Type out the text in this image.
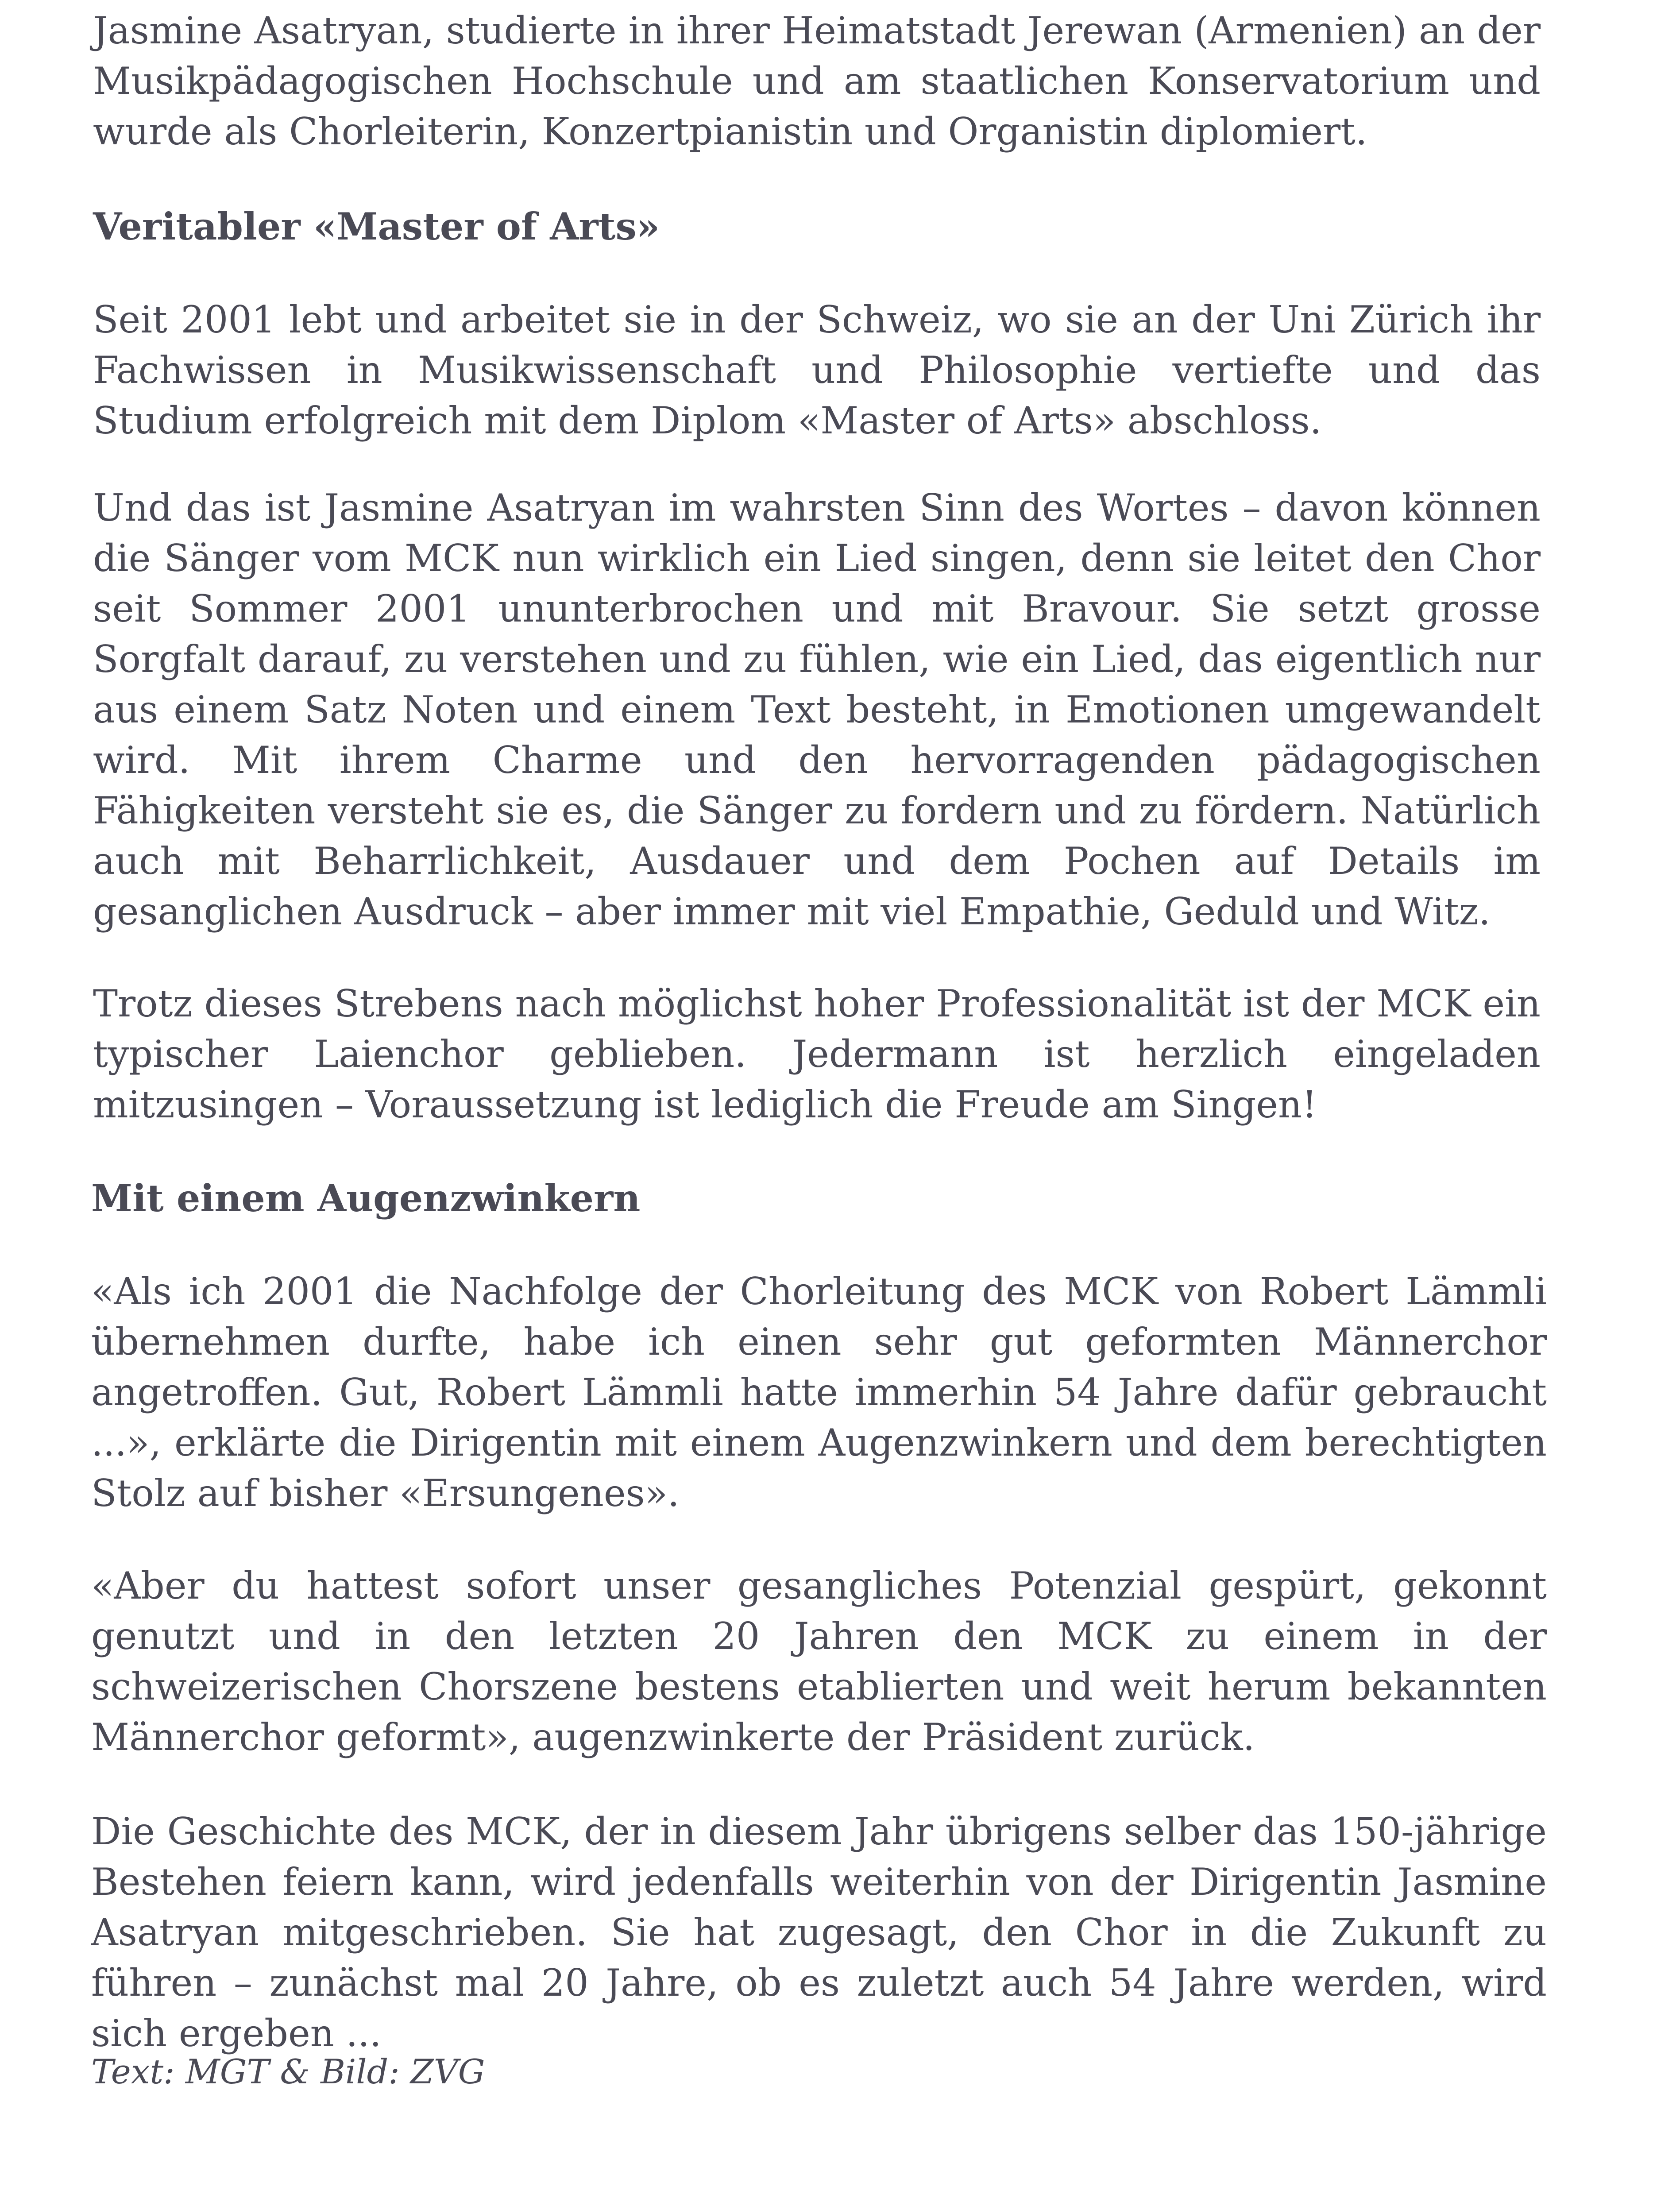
Jasmine Asatryan, studierte in ihrer Heimatstadt Jerewan (Armenien) an der Musikpädagogischen Hochschule und am staatlichen Konservatorium und wurde als Chorleiterin, Konzertpianistin und Organistin diplomiert.

Veritabler «Master of Arts»

Seit 2001 lebt und arbeitet sie in der Schweiz, wo sie an der Uni Zürich ihr Fachwissen in Musikwissenschaft und Philosophie vertiefte und das Studium erfolgreich mit dem Diplom «Master of Arts» abschloss.

Und das ist Jasmine Asatryan im wahrsten Sinn des Wortes – davon können die Sänger vom MCK nun wirklich ein Lied singen, denn sie leitet den Chor seit Sommer 2001 ununterbrochen und mit Bravour. Sie setzt grosse Sorgfalt darauf, zu verstehen und zu fühlen, wie ein Lied, das eigentlich nur aus einem Satz Noten und einem Text besteht, in Emotionen umgewandelt wird. Mit ihrem Charme und den hervorragenden pädagogischen Fähigkeiten versteht sie es, die Sänger zu fordern und zu fördern. Natürlich auch mit Beharrlichkeit, Ausdauer und dem Pochen auf Details im gesanglichen Ausdruck – aber immer mit viel Empathie, Geduld und Witz.

Trotz dieses Strebens nach möglichst hoher Professionalität ist der MCK ein typischer Laienchor geblieben. Jedermann ist herzlich eingeladen mitzusingen – Voraussetzung ist lediglich die Freude am Singen!

Mit einem Augenzwinkern

«Als ich 2001 die Nachfolge der Chorleitung des MCK von Robert Lämmli übernehmen durfte, habe ich einen sehr gut geformten Männerchor angetroffen. Gut, Robert Lämmli hatte immerhin 54 Jahre dafür gebraucht ...», erklärte die Dirigentin mit einem Augenzwinkern und dem berechtigten Stolz auf bisher «Ersungenes».

«Aber du hattest sofort unser gesangliches Potenzial gespürt, gekonnt genutzt und in den letzten 20 Jahren den MCK zu einem in der schweizerischen Chorszene bestens etablierten und weit herum bekannten Männerchor geformt», augenzwinkerte der Präsident zurück.

Die Geschichte des MCK, der in diesem Jahr übrigens selber das 150-jährige Bestehen feiern kann, wird jedenfalls weiterhin von der Dirigentin Jasmine Asatryan mitgeschrieben. Sie hat zugesagt, den Chor in die Zukunft zu führen – zunächst mal 20 Jahre, ob es zuletzt auch 54 Jahre werden, wird sich ergeben ...

Text: MGT & Bild: ZVG
